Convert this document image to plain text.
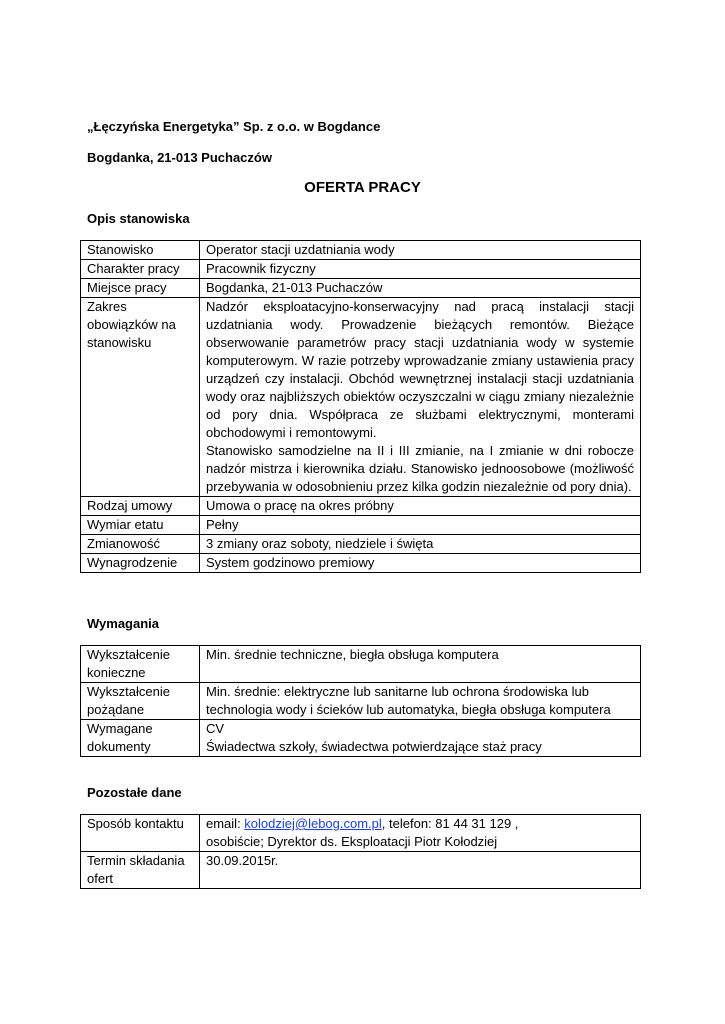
„Łęczyńska Energetyka” Sp. z o.o. w Bogdance
Bogdanka, 21-013 Puchaczów
OFERTA PRACY
Opis stanowiska
Stanowisko	Operator stacji uzdatniania wody
Charakter pracy	Pracownik fizyczny
Miejsce pracy	Bogdanka, 21-013 Puchaczów
Zakres obowiązków na stanowisku	Nadzór eksploatacyjno-konserwacyjny nad pracą instalacji stacji uzdatniania wody. Prowadzenie bieżących remontów. Bieżące obserwowanie parametrów pracy stacji uzdatniania wody w systemie komputerowym. W razie potrzeby wprowadzanie zmiany ustawienia pracy urządzeń czy instalacji. Obchód wewnętrznej instalacji stacji uzdatniania wody oraz najbliższych obiektów oczyszczalni w ciągu zmiany niezależnie od pory dnia. Współpraca ze służbami elektrycznymi, monterami obchodowymi i remontowymi.
Stanowisko samodzielne na II i III zmianie, na I zmianie w dni robocze nadzór mistrza i kierownika działu. Stanowisko jednoosobowe (możliwość przebywania w odosobnieniu przez kilka godzin niezależnie od pory dnia).

Rodzaj umowy	Umowa o pracę na okres próbny
Wymiar etatu	Pełny
Zmianowość	3 zmiany oraz soboty, niedziele i święta
Wynagrodzenie	System godzinowo premiowy
Wymagania
Wykształcenie konieczne	Min. średnie techniczne, biegła obsługa komputera
Wykształcenie pożądane	Min. średnie: elektryczne lub sanitarne lub ochrona środowiska lub technologia wody i ścieków lub automatyka, biegła obsługa komputera
Wymagane dokumenty	CV
Świadectwa szkoły, świadectwa potwierdzające staż pracy
Pozostałe dane
Sposób kontaktu	email: kolodziej@lebog.com.pl, telefon: 81 44 31 129 ,
osobiście; Dyrektor ds. Eksploatacji Piotr Kołodziej

Termin składania ofert	30.09.2015r.
